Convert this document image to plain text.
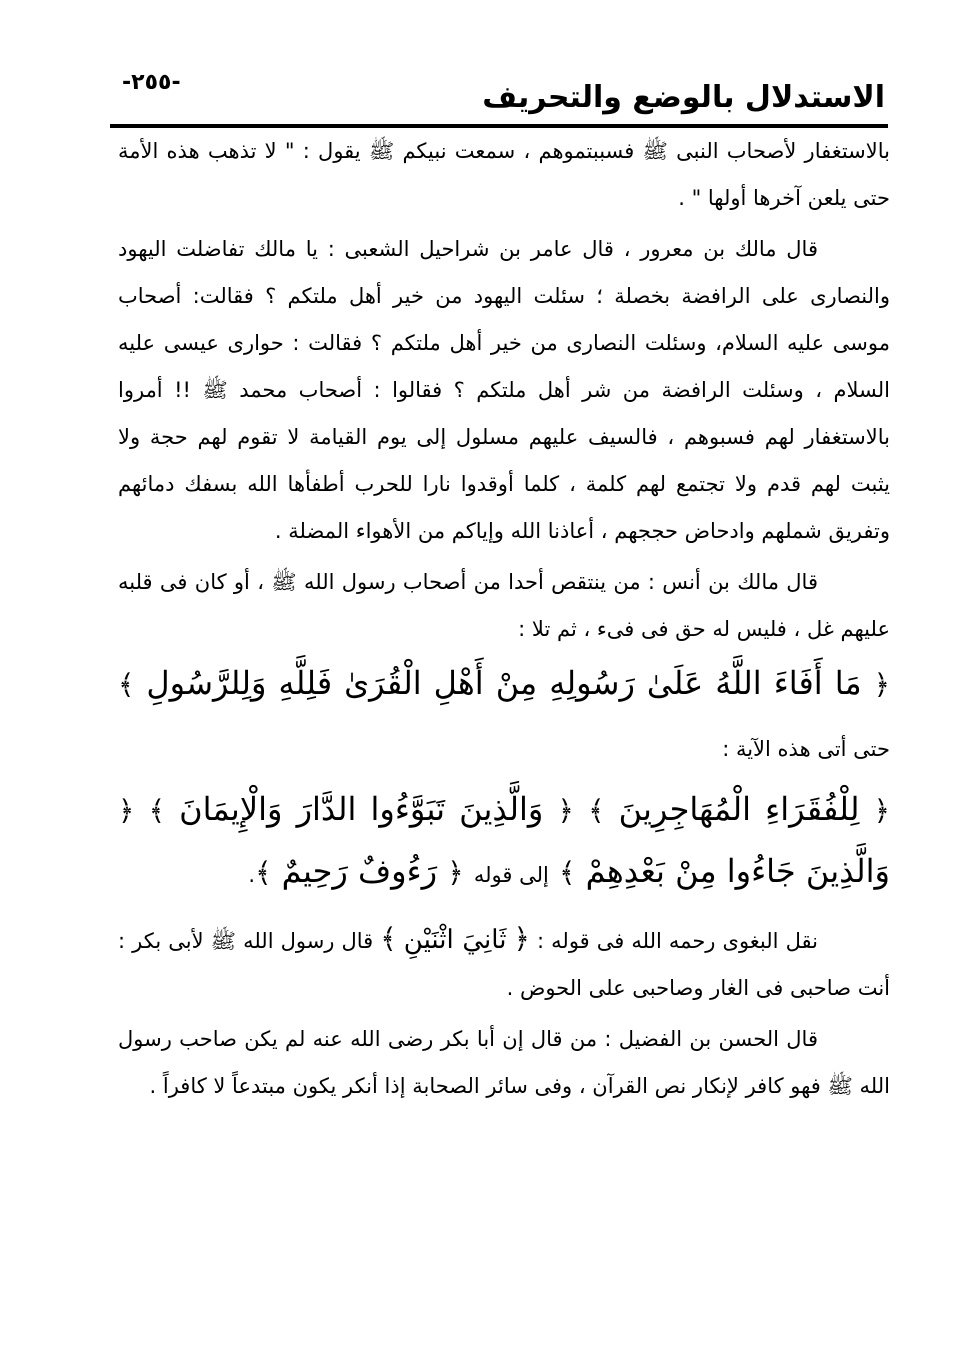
-٢٥٥-	الاستدلال بالوضع والتحريف

بالاستغفار لأصحاب النبى ﷺ فسببتموهم ، سمعت نبيكم ﷺ يقول : " لا تذهب هذه الأمة حتى يلعن آخرها أولها " .

قال مالك بن معرور ، قال عامر بن شراحيل الشعبى : يا مالك تفاضلت اليهود والنصارى على الرافضة بخصلة ؛ سئلت اليهود من خير أهل ملتكم ؟ فقالت: أصحاب موسى عليه السلام، وسئلت النصارى من خير أهل ملتكم ؟ فقالت : حوارى عيسى عليه السلام ، وسئلت الرافضة من شر أهل ملتكم ؟ فقالوا : أصحاب محمد ﷺ !! أمروا بالاستغفار لهم فسبوهم ، فالسيف عليهم مسلول إلى يوم القيامة لا تقوم لهم حجة ولا يثبت لهم قدم ولا تجتمع لهم كلمة ، كلما أوقدوا نارا للحرب أطفأها الله بسفك دمائهم وتفريق شملهم وادحاض حججهم ، أعاذنا الله وإياكم من الأهواء المضلة .

قال مالك بن أنس : من ينتقص أحدا من أصحاب رسول الله ﷺ ، أو كان فى قلبه عليهم غل ، فليس له حق فى فىء ، ثم تلا :

﴿ مَا أَفَاءَ اللَّهُ عَلَىٰ رَسُولِهِ مِنْ أَهْلِ الْقُرَىٰ فَلِلَّهِ وَلِلرَّسُولِ ﴾ حتى أتى هذه الآية :
﴿ لِلْفُقَرَاءِ الْمُهَاجِرِينَ ﴾ ﴿ وَالَّذِينَ تَبَوَّءُوا الدَّارَ وَالْإِيمَانَ ﴾ ﴿ وَالَّذِينَ جَاءُوا مِنْ بَعْدِهِمْ ﴾ إلى قوله ﴿ رَءُوفٌ رَحِيمٌ ﴾.

نقل البغوى رحمه الله فى قوله : ﴿ ثَانِيَ اثْنَيْنِ ﴾ قال رسول الله ﷺ لأبى بكر : أنت صاحبى فى الغار وصاحبى على الحوض .

قال الحسن بن الفضيل : من قال إن أبا بكر رضى الله عنه لم يكن صاحب رسول الله ﷺ فهو كافر لإنكار نص القرآن ، وفى سائر الصحابة إذا أنكر يكون مبتدعاً لا كافراً .
